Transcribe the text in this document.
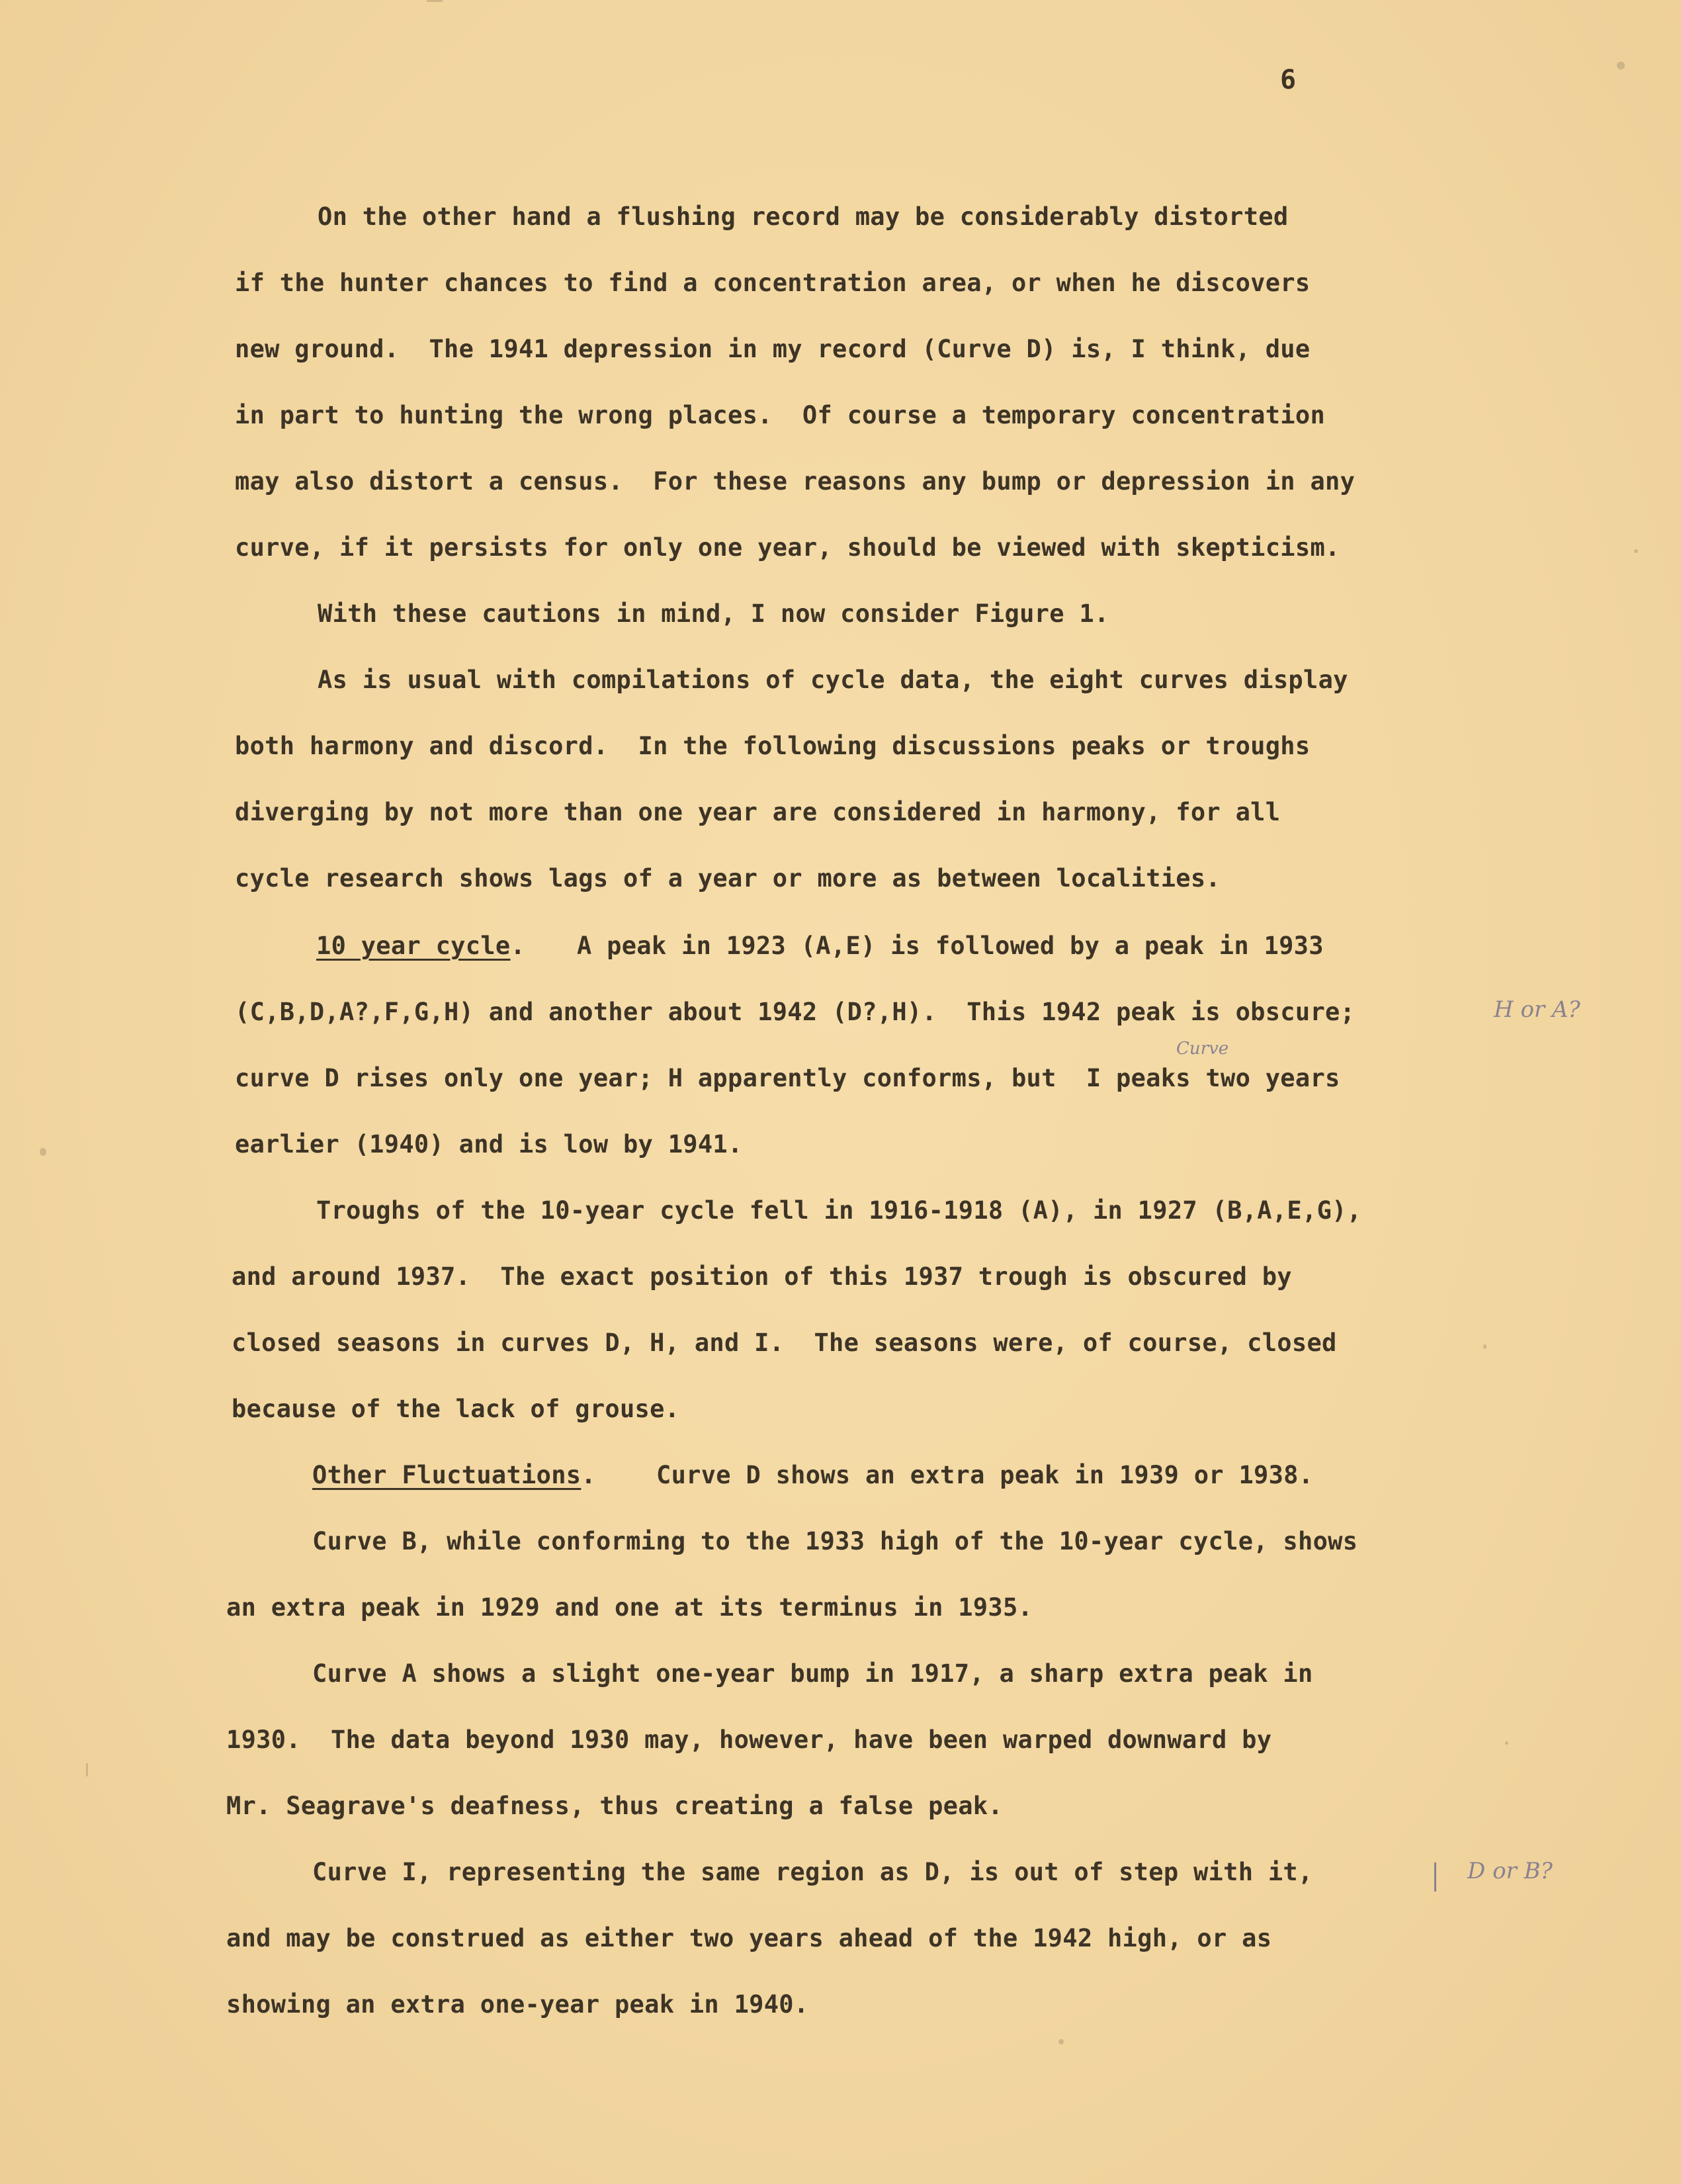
6
On the other hand a flushing record may be considerably distorted
if the hunter chances to find a concentration area, or when he discovers
new ground.  The 1941 depression in my record (Curve D) is, I think, due
in part to hunting the wrong places.  Of course a temporary concentration
may also distort a census.  For these reasons any bump or depression in any
curve, if it persists for only one year, should be viewed with skepticism.
With these cautions in mind, I now consider Figure 1.
As is usual with compilations of cycle data, the eight curves display
both harmony and discord.  In the following discussions peaks or troughs
diverging by not more than one year are considered in harmony, for all
cycle research shows lags of a year or more as between localities.
10 year cycle. A peak in 1923 (A,E) is followed by a peak in 1933
(C,B,D,A?,F,G,H) and another about 1942 (D?,H).  This 1942 peak is obscure;	H or A?
Curve
curve D rises only one year; H apparently conforms, but  I peaks two years
earlier (1940) and is low by 1941.
Troughs of the 10-year cycle fell in 1916-1918 (A), in 1927 (B,A,E,G),
and around 1937.  The exact position of this 1937 trough is obscured by
closed seasons in curves D, H, and I.  The seasons were, of course, closed
because of the lack of grouse.
Other Fluctuations. Curve D shows an extra peak in 1939 or 1938.
Curve B, while conforming to the 1933 high of the 10-year cycle, shows
an extra peak in 1929 and one at its terminus in 1935.
Curve A shows a slight one-year bump in 1917, a sharp extra peak in
1930.  The data beyond 1930 may, however, have been warped downward by
Mr. Seagrave's deafness, thus creating a false peak.
Curve I, representing the same region as D, is out of step with it,	D or B?
and may be construed as either two years ahead of the 1942 high, or as
showing an extra one-year peak in 1940.
